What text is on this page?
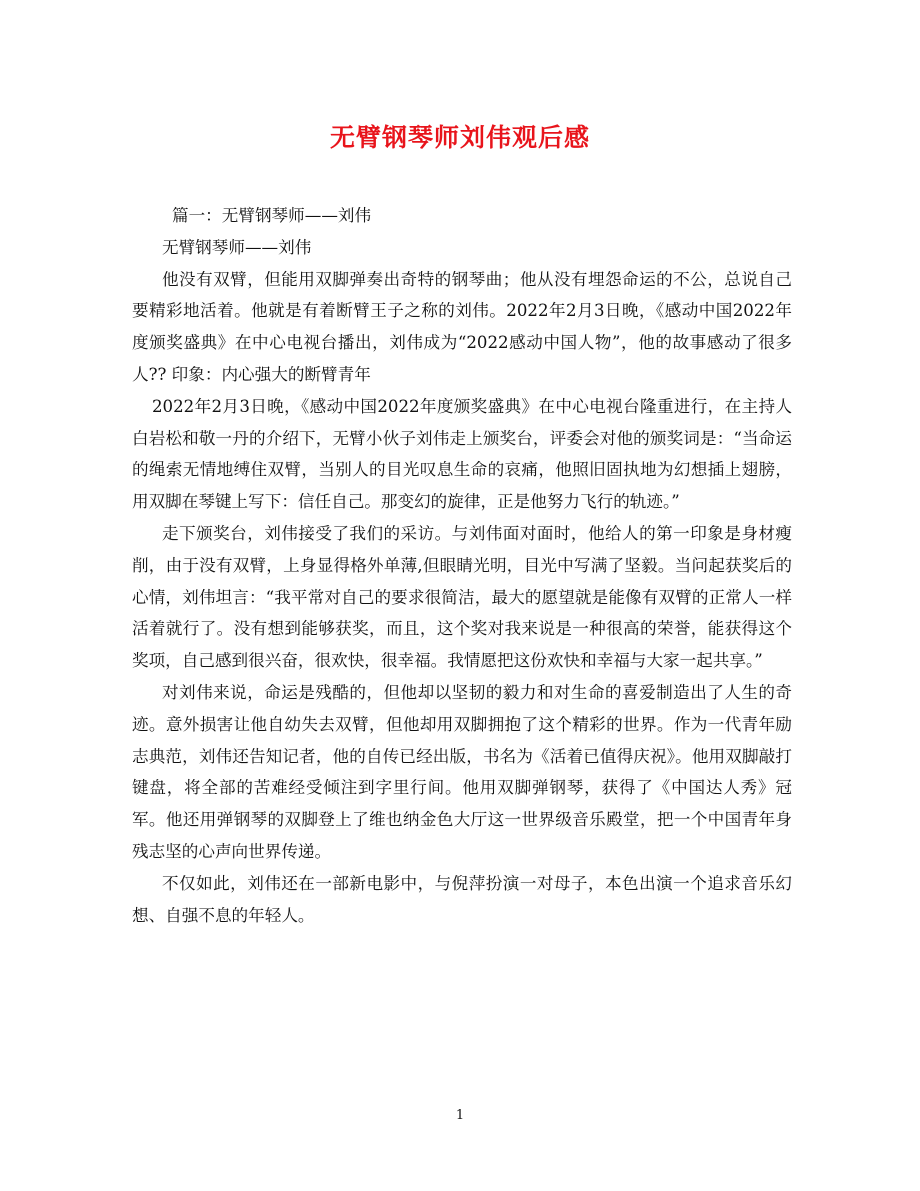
无臂钢琴师刘伟观后感

篇一：无臂钢琴师——刘伟

无臂钢琴师——刘伟

他没有双臂，但能用双脚弹奏出奇特的钢琴曲；他从没有埋怨命运的不公，总说自己要精彩地活着。他就是有着断臂王子之称的刘伟。2022年2月3日晚，《感动中国2022年度颁奖盛典》在中心电视台播出，刘伟成为“2022感动中国人物”，他的故事感动了很多人?? 印象：内心强大的断臂青年

2022年2月3日晚，《感动中国2022年度颁奖盛典》在中心电视台隆重进行，在主持人白岩松和敬一丹的介绍下，无臂小伙子刘伟走上颁奖台，评委会对他的颁奖词是：“当命运的绳索无情地缚住双臂，当别人的目光叹息生命的哀痛，他照旧固执地为幻想插上翅膀，用双脚在琴键上写下：信任自己。那变幻的旋律，正是他努力飞行的轨迹。”

走下颁奖台，刘伟接受了我们的采访。与刘伟面对面时，他给人的第一印象是身材瘦削，由于没有双臂，上身显得格外单薄,但眼睛光明，目光中写满了坚毅。当问起获奖后的心情，刘伟坦言：“我平常对自己的要求很简洁，最大的愿望就是能像有双臂的正常人一样活着就行了。没有想到能够获奖，而且，这个奖对我来说是一种很高的荣誉，能获得这个奖项，自己感到很兴奋，很欢快，很幸福。我情愿把这份欢快和幸福与大家一起共享。”

对刘伟来说，命运是残酷的，但他却以坚韧的毅力和对生命的喜爱制造出了人生的奇迹。意外损害让他自幼失去双臂，但他却用双脚拥抱了这个精彩的世界。作为一代青年励志典范，刘伟还告知记者，他的自传已经出版，书名为《活着已值得庆祝》。他用双脚敲打键盘，将全部的苦难经受倾注到字里行间。他用双脚弹钢琴，获得了《中国达人秀》冠军。他还用弹钢琴的双脚登上了维也纳金色大厅这一世界级音乐殿堂，把一个中国青年身残志坚的心声向世界传递。

不仅如此，刘伟还在一部新电影中，与倪萍扮演一对母子，本色出演一个追求音乐幻想、自强不息的年轻人。

1
